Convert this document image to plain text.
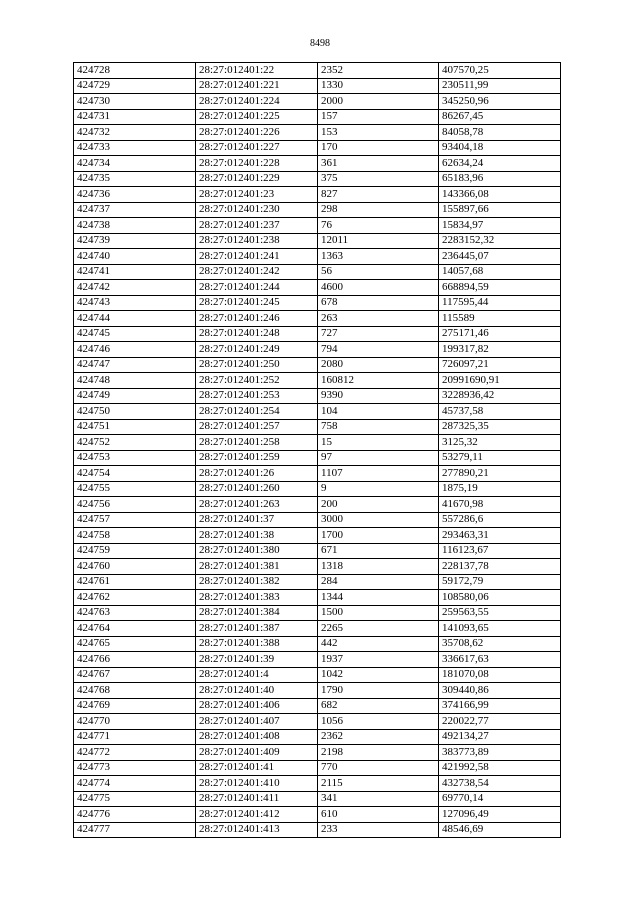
8498
424728	28:27:012401:22	2352	407570,25
424729	28:27:012401:221	1330	230511,99
424730	28:27:012401:224	2000	345250,96
424731	28:27:012401:225	157	86267,45
424732	28:27:012401:226	153	84058,78
424733	28:27:012401:227	170	93404,18
424734	28:27:012401:228	361	62634,24
424735	28:27:012401:229	375	65183,96
424736	28:27:012401:23	827	143366,08
424737	28:27:012401:230	298	155897,66
424738	28:27:012401:237	76	15834,97
424739	28:27:012401:238	12011	2283152,32
424740	28:27:012401:241	1363	236445,07
424741	28:27:012401:242	56	14057,68
424742	28:27:012401:244	4600	668894,59
424743	28:27:012401:245	678	117595,44
424744	28:27:012401:246	263	115589
424745	28:27:012401:248	727	275171,46
424746	28:27:012401:249	794	199317,82
424747	28:27:012401:250	2080	726097,21
424748	28:27:012401:252	160812	20991690,91
424749	28:27:012401:253	9390	3228936,42
424750	28:27:012401:254	104	45737,58
424751	28:27:012401:257	758	287325,35
424752	28:27:012401:258	15	3125,32
424753	28:27:012401:259	97	53279,11
424754	28:27:012401:26	1107	277890,21
424755	28:27:012401:260	9	1875,19
424756	28:27:012401:263	200	41670,98
424757	28:27:012401:37	3000	557286,6
424758	28:27:012401:38	1700	293463,31
424759	28:27:012401:380	671	116123,67
424760	28:27:012401:381	1318	228137,78
424761	28:27:012401:382	284	59172,79
424762	28:27:012401:383	1344	108580,06
424763	28:27:012401:384	1500	259563,55
424764	28:27:012401:387	2265	141093,65
424765	28:27:012401:388	442	35708,62
424766	28:27:012401:39	1937	336617,63
424767	28:27:012401:4	1042	181070,08
424768	28:27:012401:40	1790	309440,86
424769	28:27:012401:406	682	374166,99
424770	28:27:012401:407	1056	220022,77
424771	28:27:012401:408	2362	492134,27
424772	28:27:012401:409	2198	383773,89
424773	28:27:012401:41	770	421992,58
424774	28:27:012401:410	2115	432738,54
424775	28:27:012401:411	341	69770,14
424776	28:27:012401:412	610	127096,49
424777	28:27:012401:413	233	48546,69
